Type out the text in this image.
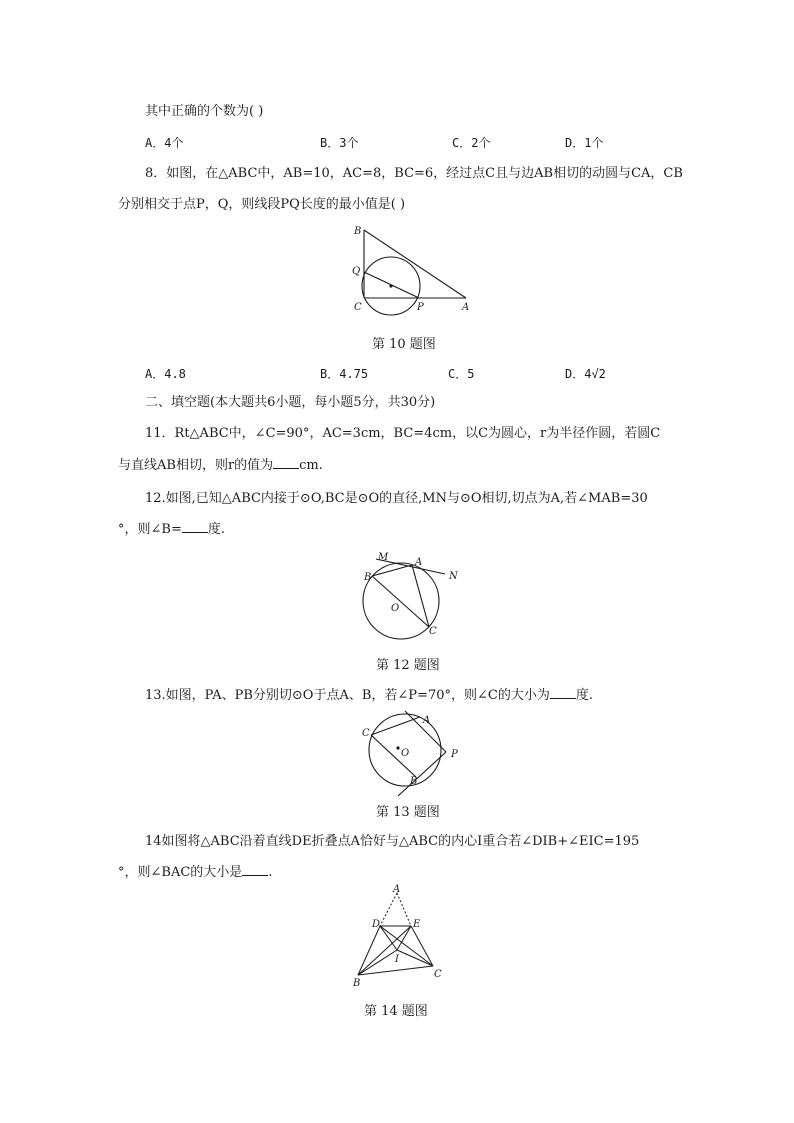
其中正确的个数为( )
A．4个	B．3个	C．2个	D．1个
8．如图，在△ABC中，AB=10，AC=8，BC=6，经过点C且与边AB相切的动圆与CA，CB
分别相交于点P，Q，则线段PQ长度的最小值是( )
B
Q
C	P	A
第 10 题图
A．4.8	B．4.75	C．5	D．4√2
二、填空题(本大题共6小题，每小题5分，共30分)
11．Rt△ABC中，∠C=90°，AC=3cm，BC=4cm，以C为圆心，r为半径作圆，若圆C
与直线AB相切，则r的值为 cm.
12.如图,已知△ABC内接于⊙O,BC是⊙O的直径,MN与⊙O相切,切点为A,若∠MAB=30
°，则∠B= 度.
M	A
N
B
O
C
第 12 题图
13.如图，PA、PB分别切⊙O于点A、B，若∠P=70°，则∠C的大小为 度.
C
A
O	P
B
第 13 题图
14如图将△ABC沿着直线DE折叠点A恰好与△ABC的内心I重合若∠DIB+∠EIC=195
°，则∠BAC的大小是 .
A
D	E
I
B
C
第 14 题图
